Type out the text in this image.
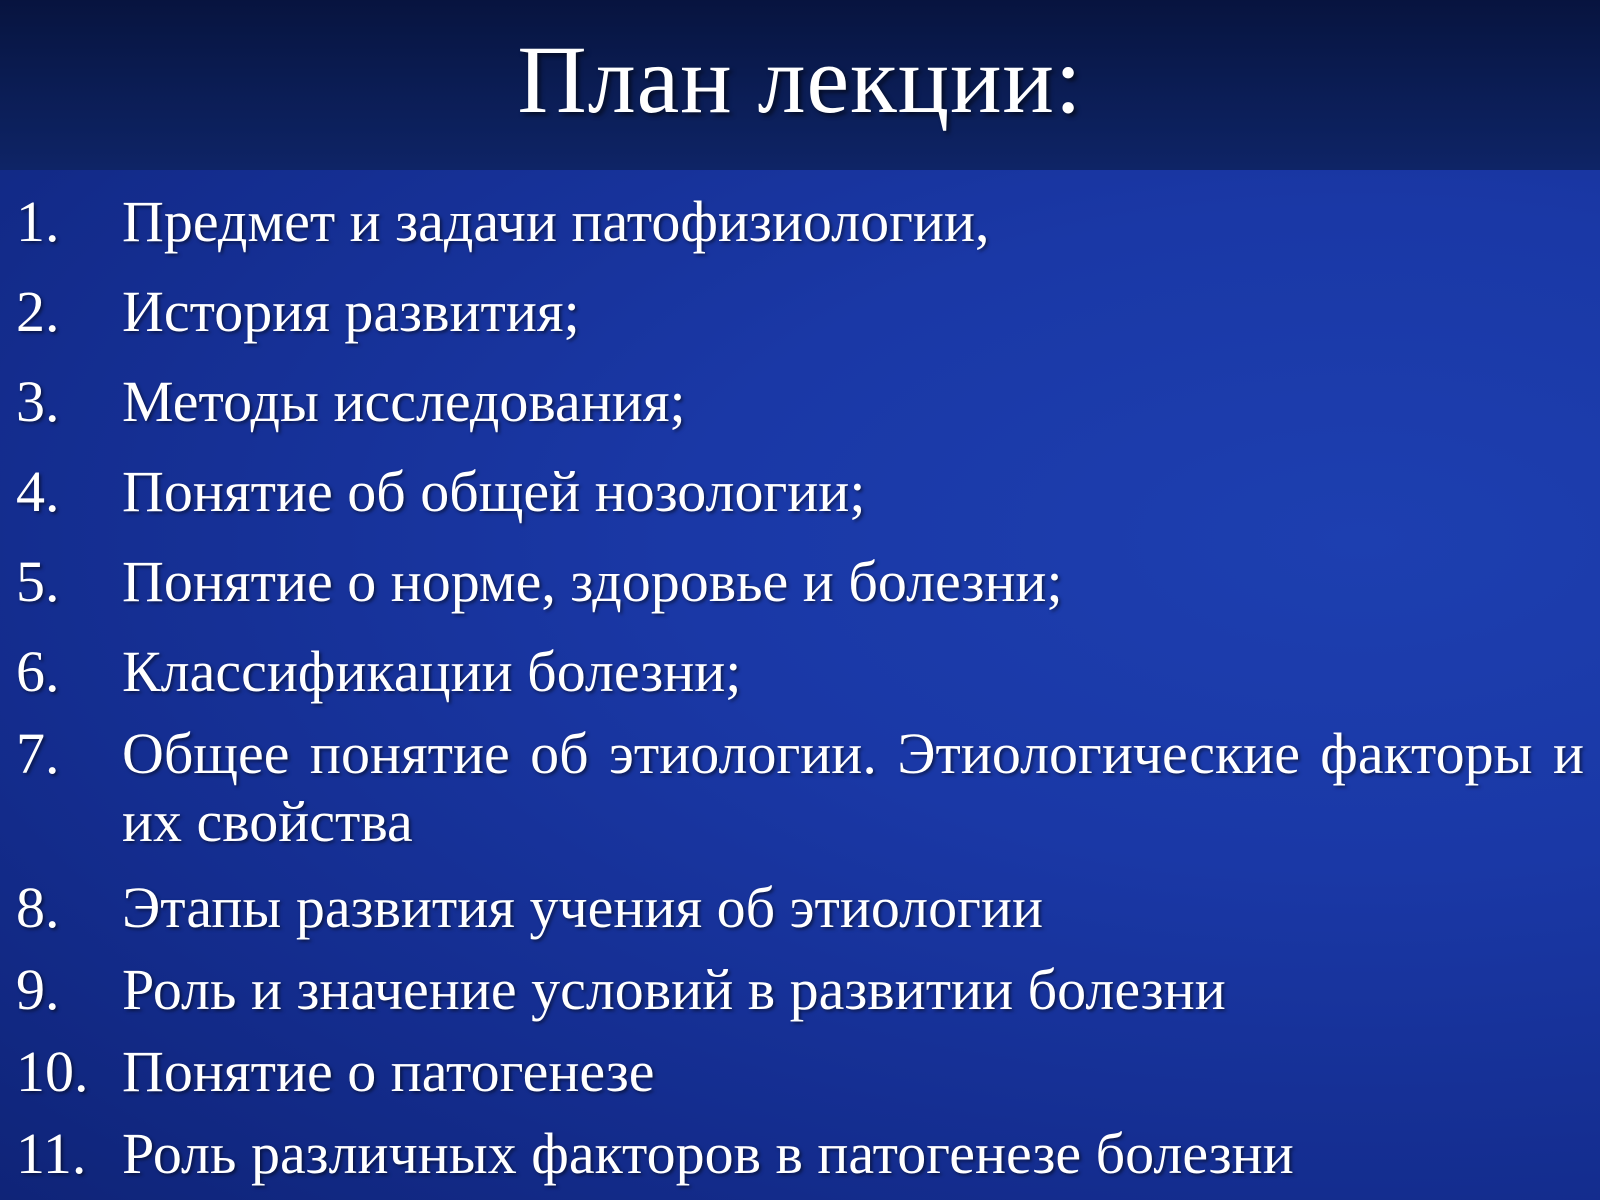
План лекции:
1.	Предмет и задачи патофизиологии,
2.	История развития;
3.	Методы исследования;
4.	Понятие об общей нозологии;
5.	Понятие о норме, здоровье и болезни;
6.	Классификации болезни;
7.	Общее понятие об этиологии. Этиологические факторы и их свойства
8.	Этапы развития учения об этиологии
9.	Роль и значение условий в развитии болезни
10. Понятие о патогенезе
11. Роль различных факторов в патогенезе болезни
